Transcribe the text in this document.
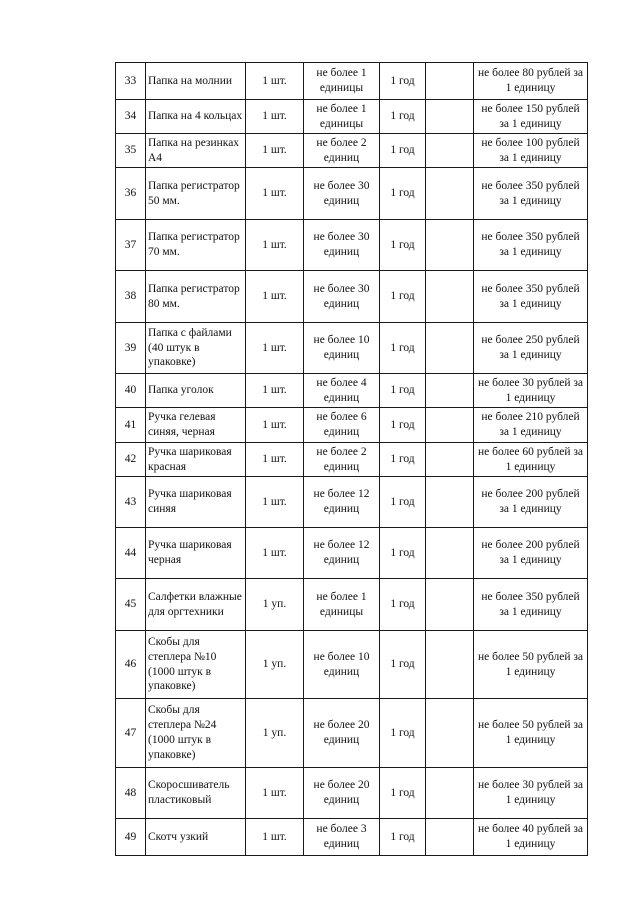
33	Папка на молнии	1 шт.	не более 1 единицы	1 год		не более 80 рублей за 1 единицу
34	Папка на 4 кольцах	1 шт.	не более 1 единицы	1 год		не более 150 рублей за 1 единицу
35	Папка на резинках А4	1 шт.	не более 2 единиц	1 год		не более 100 рублей за 1 единицу
36	Папка регистратор 50 мм.	1 шт.	не более 30 единиц	1 год		не более 350 рублей за 1 единицу
37	Папка регистратор 70 мм.	1 шт.	не более 30 единиц	1 год		не более 350 рублей за 1 единицу
38	Папка регистратор 80 мм.	1 шт.	не более 30 единиц	1 год		не более 350 рублей за 1 единицу
39	Папка с файлами (40 штук в упаковке)	1 шт.	не более 10 единиц	1 год		не более 250 рублей за 1 единицу
40	Папка уголок	1 шт.	не более 4 единиц	1 год		не более 30 рублей за 1 единицу
41	Ручка гелевая синяя, черная	1 шт.	не более 6 единиц	1 год		не более 210 рублей за 1 единицу
42	Ручка шариковая красная	1 шт.	не более 2 единиц	1 год		не более 60 рублей за 1 единицу
43	Ручка шариковая синяя	1 шт.	не более 12 единиц	1 год		не более 200 рублей за 1 единицу
44	Ручка шариковая черная	1 шт.	не более 12 единиц	1 год		не более 200 рублей за 1 единицу
45	Салфетки влажные для оргтехники	1 уп.	не более 1 единицы	1 год		не более 350 рублей за 1 единицу
46	Скобы для степлера №10 (1000 штук в упаковке)	1 уп.	не более 10 единиц	1 год		не более 50 рублей за 1 единицу
47	Скобы для степлера №24 (1000 штук в упаковке)	1 уп.	не более 20 единиц	1 год		не более 50 рублей за 1 единицу
48	Скоросшиватель пластиковый	1 шт.	не более 20 единиц	1 год		не более 30 рублей за 1 единицу
49	Скотч узкий	1 шт.	не более 3 единиц	1 год		не более 40 рублей за 1 единицу
